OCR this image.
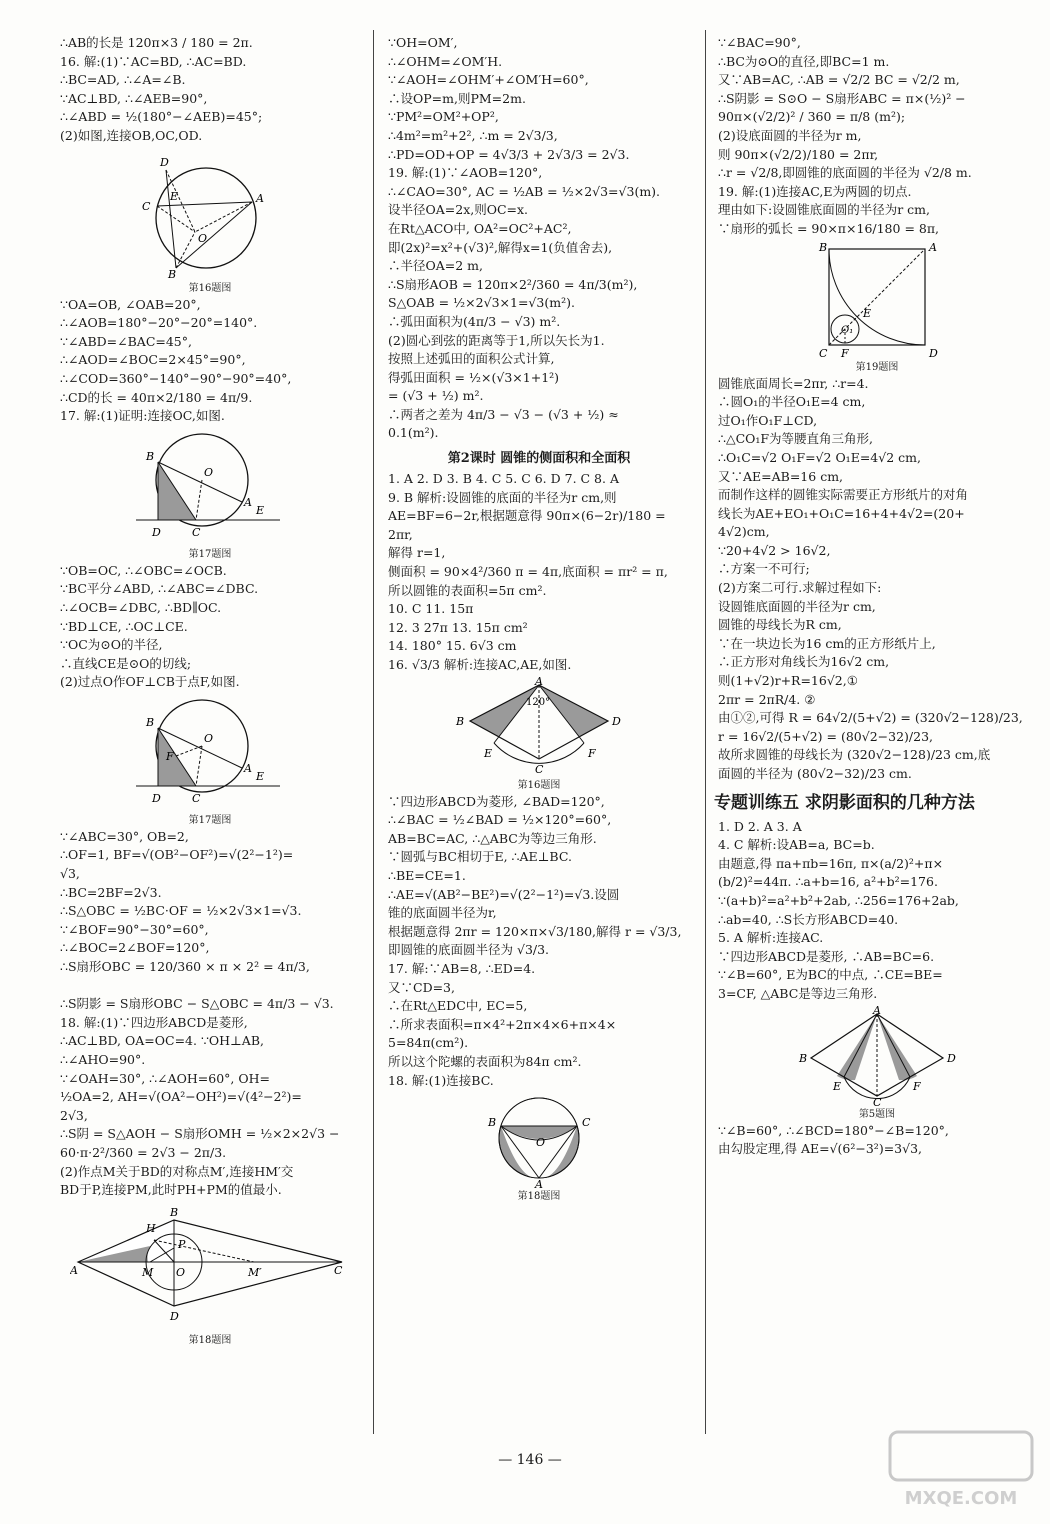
∴AB的长是 120π×3 / 180 = 2π.
16. 解:(1)∵AC=BD, ∴AC=BD.
∴BC=AD, ∴∠A=∠B.
∵AC⊥BD, ∴∠AEB=90°,
∴∠ABD = ½(180°−∠AEB)=45°;
(2)如图,连接OB,OC,OD.
D
C
E	A
O
B
第16题图
∵OA=OB, ∠OAB=20°,
∴∠AOB=180°−20°−20°=140°.
∵∠ABD=∠BAC=45°,
∴∠AOD=∠BOC=2×45°=90°,
∴∠COD=360°−140°−90°−90°=40°,
∴CD的长 = 40π×2/180 = 4π/9.
17. 解:(1)证明:连接OC,如图.
B
O
A
D	C
E
第17题图
∵OB=OC, ∴∠OBC=∠OCB.
∵BC平分∠ABD, ∴∠ABC=∠DBC.
∴∠OCB=∠DBC, ∴BD∥OC.
∵BD⊥CE, ∴OC⊥CE.
∵OC为⊙O的半径,
∴直线CE是⊙O的切线;
(2)过点O作OF⊥CB于点F,如图.
B
F
O
A
D	C
E
第17题图
∵∠ABC=30°, OB=2,
∴OF=1, BF=√(OB²−OF²)=√(2²−1²)=
√3,
∴BC=2BF=2√3.
∴S△OBC = ½BC·OF = ½×2√3×1=√3.
∵∠BOF=90°−30°=60°,
∴∠BOC=2∠BOF=120°,
∴S扇形OBC = 120/360 × π × 2² = 4π/3,

∴S阴影 = S扇形OBC − S△OBC = 4π/3 − √3.
18. 解:(1)∵四边形ABCD是菱形,
∴AC⊥BD, OA=OC=4. ∵OH⊥AB,
∴∠AHO=90°.
∵∠OAH=30°, ∴∠AOH=60°, OH=
½OA=2, AH=√(OA²−OH²)=√(4²−2²)=
2√3,
∴S阴 = S△AOH − S扇形OMH = ½×2×2√3 −
60·π·2²/360 = 2√3 − 2π/3.
(2)作点M关于BD的对称点M′,连接HM′交
BD于P,连接PM,此时PH+PM的值最小.
H
B
P
A	M O	M′	C
D
第18题图
∵OH=OM′,
∴∠OHM=∠OM′H.
∵∠AOH=∠OHM′+∠OM′H=60°,
∴设OP=m,则PM=2m.
∵PM²=OM²+OP²,
∴4m²=m²+2², ∴m = 2√3/3,
∴PD=OD+OP = 4√3/3 + 2√3/3 = 2√3.
19. 解:(1)∵∠AOB=120°,
∴∠CAO=30°, AC = ½AB = ½×2√3=√3(m).
设半径OA=2x,则OC=x.
在Rt△ACO中, OA²=OC²+AC²,
即(2x)²=x²+(√3)²,解得x=1(负值舍去),
∴半径OA=2 m,
∴S扇形AOB = 120π×2²/360 = 4π/3(m²),
S△OAB = ½×2√3×1=√3(m²).
∴弧田面积为(4π/3 − √3) m².
(2)圆心到弦的距离等于1,所以矢长为1.
按照上述弧田的面积公式计算,
得弧田面积 = ½×(√3×1+1²)
= (√3 + ½) m².
∴两者之差为 4π/3 − √3 − (√3 + ½) ≈
0.1(m²).
第2课时 圆锥的侧面积和全面积
1. A 2. D 3. B 4. C 5. C 6. D 7. C 8. A
9. B 解析:设圆锥的底面的半径为r cm,则
AE=BF=6−2r,根据题意得 90π×(6−2r)/180 =
2πr,
解得 r=1,
侧面积 = 90×4²/360 π = 4π,底面积 = πr² = π,
所以圆锥的表面积=5π cm².
10. C 11. 15π
12. 3 27π 13. 15π cm²
14. 180° 15. 6√3 cm
16. √3/3 解析:连接AC,AE,如图.
A
120°
B	D
E	F
C
第16题图
∵四边形ABCD为菱形, ∠BAD=120°,
∴∠BAC = ½∠BAD = ½×120°=60°,
AB=BC=AC, ∴△ABC为等边三角形.
∵圆弧与BC相切于E, ∴AE⊥BC.
∴BE=CE=1.
∴AE=√(AB²−BE²)=√(2²−1²)=√3.设圆
锥的底面圆半径为r,
根据题意得 2πr = 120×π×√3/180,解得 r = √3/3,
即圆锥的底面圆半径为 √3/3.
17. 解:∵AB=8, ∴ED=4.
又∵CD=3,
∴在Rt△EDC中, EC=5,
∴所求表面积=π×4²+2π×4×6+π×4×
5=84π(cm²).
所以这个陀螺的表面积为84π cm².
18. 解:(1)连接BC.
B	C
O
A
第18题图
∵∠BAC=90°,
∴BC为⊙O的直径,即BC=1 m.
又∵AB=AC, ∴AB = √2/2 BC = √2/2 m,
∴S阴影 = S⊙O − S扇形ABC = π×(½)² −
90π×(√2/2)² / 360 = π/8 (m²);
(2)设底面圆的半径为r m,
则 90π×(√2/2)/180 = 2πr,
∴r = √2/8,即圆锥的底面圆的半径为 √2/8 m.
19. 解:(1)连接AC,E为两圆的切点.
理由如下:设圆锥底面圆的半径为r cm,
∵扇形的弧长 = 90×π×16/180 = 8π,
B	A
E
O₁
C F	D
第19题图
圆锥底面周长=2πr, ∴r=4.
∴圆O₁的半径O₁E=4 cm,
过O₁作O₁F⊥CD,
∴△CO₁F为等腰直角三角形,
∴O₁C=√2 O₁F=√2 O₁E=4√2 cm,
又∵AE=AB=16 cm,
而制作这样的圆锥实际需要正方形纸片的对角
线长为AE+EO₁+O₁C=16+4+4√2=(20+
4√2)cm,
∵20+4√2 > 16√2,
∴方案一不可行;
(2)方案二可行.求解过程如下:
设圆锥底面圆的半径为r cm,
圆锥的母线长为R cm,
∵在一块边长为16 cm的正方形纸片上,
∴正方形对角线长为16√2 cm,
则(1+√2)r+R=16√2,①
2πr = 2πR/4. ②
由①②,可得 R = 64√2/(5+√2) = (320√2−128)/23,
r = 16√2/(5+√2) = (80√2−32)/23,
故所求圆锥的母线长为 (320√2−128)/23 cm,底
面圆的半径为 (80√2−32)/23 cm.
专题训练五 求阴影面积的几种方法
1. D 2. A 3. A
4. C 解析:设AB=a, BC=b.
由题意,得 πa+πb=16π, π×(a/2)²+π×
(b/2)²=44π. ∴a+b=16, a²+b²=176.
∵(a+b)²=a²+b²+2ab, ∴256=176+2ab,
∴ab=40, ∴S长方形ABCD=40.
5. A 解析:连接AC.
∵四边形ABCD是菱形, ∴AB=BC=6.
∵∠B=60°, E为BC的中点, ∴CE=BE=
3=CF, △ABC是等边三角形.
A
B	D
E	F
C
第5题图
∵∠B=60°, ∴∠BCD=180°−∠B=120°,
由勾股定理,得 AE=√(6²−3²)=3√3,
— 146 —
MXQE.COM
